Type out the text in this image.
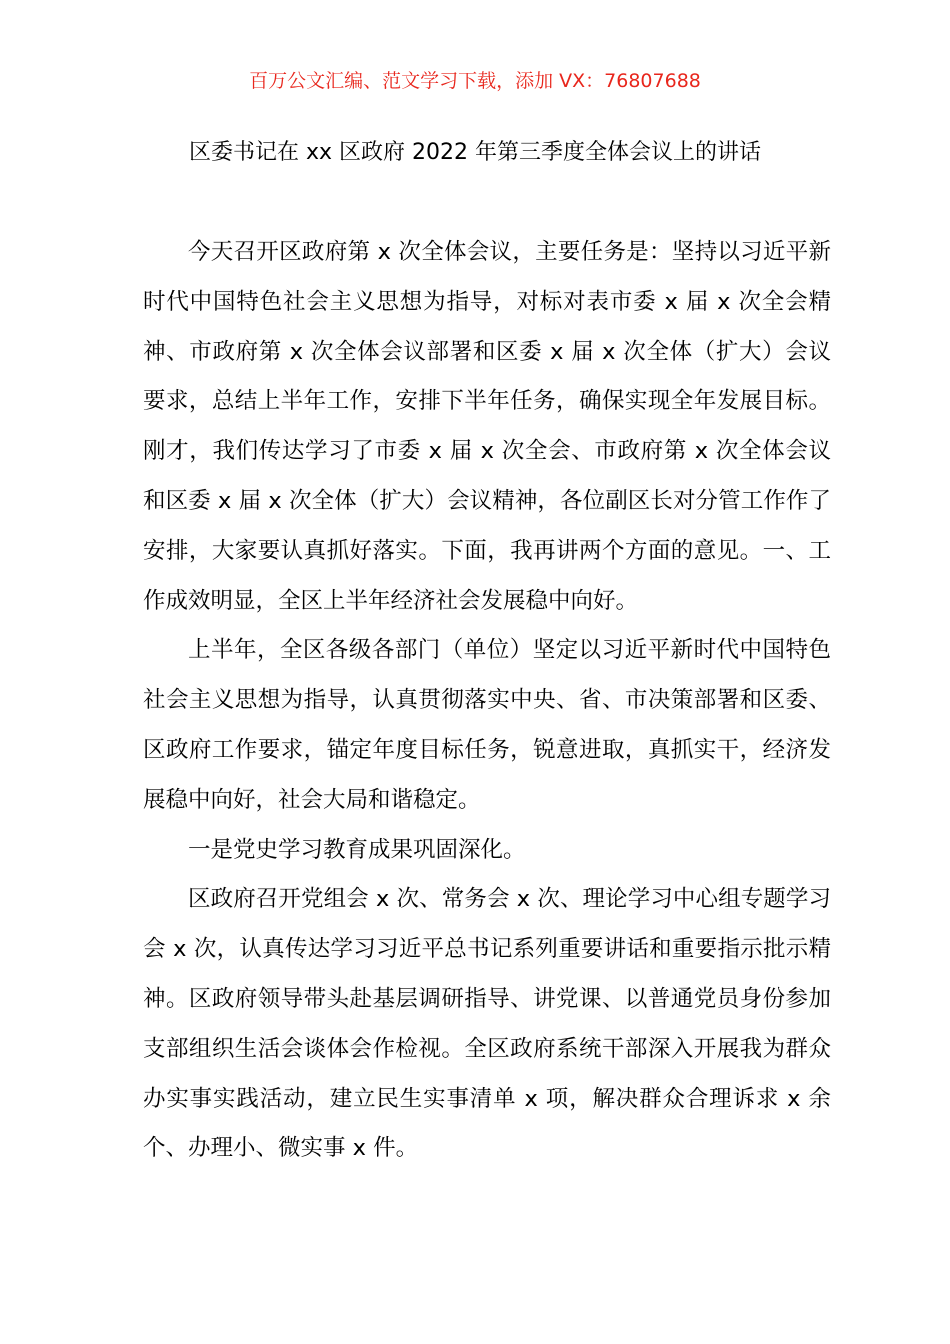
百万公文汇编、范文学习下载，添加 VX：76807688
区委书记在 xx 区政府 2022 年第三季度全体会议上的讲话

今天召开区政府第 x 次全体会议，主要任务是：坚持以习近平新时代中国特色社会主义思想为指导，对标对表市委 x 届 x 次全会精神、市政府第 x 次全体会议部署和区委 x 届 x 次全体（扩大）会议要求，总结上半年工作，安排下半年任务，确保实现全年发展目标。刚才，我们传达学习了市委 x 届 x 次全会、市政府第 x 次全体会议和区委 x 届 x 次全体（扩大）会议精神，各位副区长对分管工作作了安排，大家要认真抓好落实。下面，我再讲两个方面的意见。一、工作成效明显，全区上半年经济社会发展稳中向好。

上半年，全区各级各部门（单位）坚定以习近平新时代中国特色社会主义思想为指导，认真贯彻落实中央、省、市决策部署和区委、区政府工作要求，锚定年度目标任务，锐意进取，真抓实干，经济发展稳中向好，社会大局和谐稳定。

一是党史学习教育成果巩固深化。

区政府召开党组会 x 次、常务会 x 次、理论学习中心组专题学习会 x 次，认真传达学习习近平总书记系列重要讲话和重要指示批示精神。区政府领导带头赴基层调研指导、讲党课、以普通党员身份参加支部组织生活会谈体会作检视。全区政府系统干部深入开展我为群众办实事实践活动，建立民生实事清单 x 项，解决群众合理诉求 x 余个、办理小、微实事 x 件。
